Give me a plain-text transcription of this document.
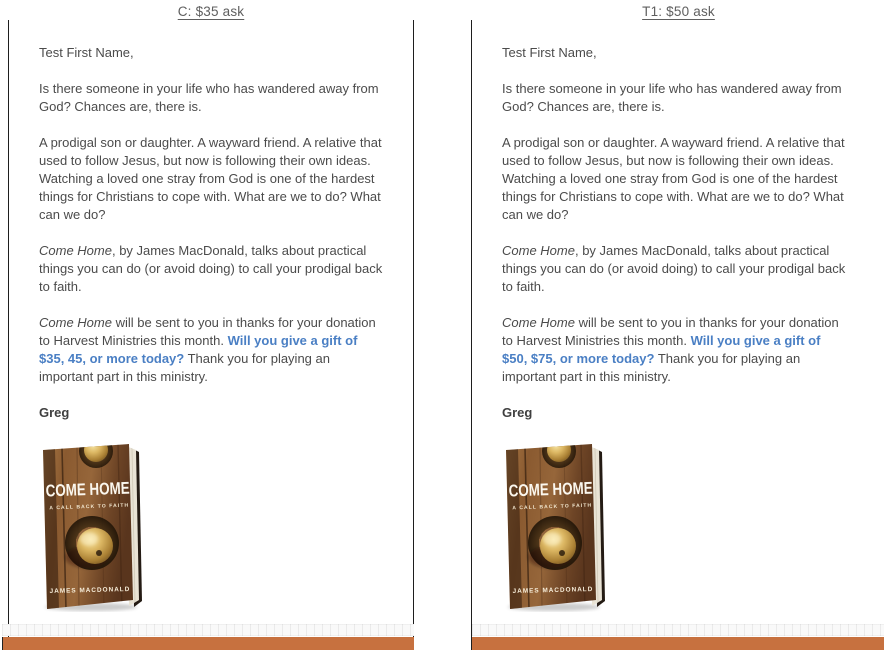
C: $35 ask

Test First Name,

Is there someone in your life who has wandered away from God? Chances are, there is.

A prodigal son or daughter. A wayward friend. A relative that used to follow Jesus, but now is following their own ideas. Watching a loved one stray from God is one of the hardest things for Christians to cope with. What are we to do? What can we do?

Come Home, by James MacDonald, talks about practical things you can do (or avoid doing) to call your prodigal back to faith.

Come Home will be sent to you in thanks for your donation to Harvest Ministries this month. Will you give a gift of $35, 45, or more today? Thank you for playing an important part in this ministry.

Greg

COME HOME
A CALL BACK TO FAITH
JAMES MACDONALD
T1: $50 ask

Test First Name,

Is there someone in your life who has wandered away from God? Chances are, there is.

A prodigal son or daughter. A wayward friend. A relative that used to follow Jesus, but now is following their own ideas. Watching a loved one stray from God is one of the hardest things for Christians to cope with. What are we to do? What can we do?

Come Home, by James MacDonald, talks about practical things you can do (or avoid doing) to call your prodigal back to faith.

Come Home will be sent to you in thanks for your donation to Harvest Ministries this month. Will you give a gift of $50, $75, or more today? Thank you for playing an important part in this ministry.

Greg

COME HOME
A CALL BACK TO FAITH
JAMES MACDONALD
